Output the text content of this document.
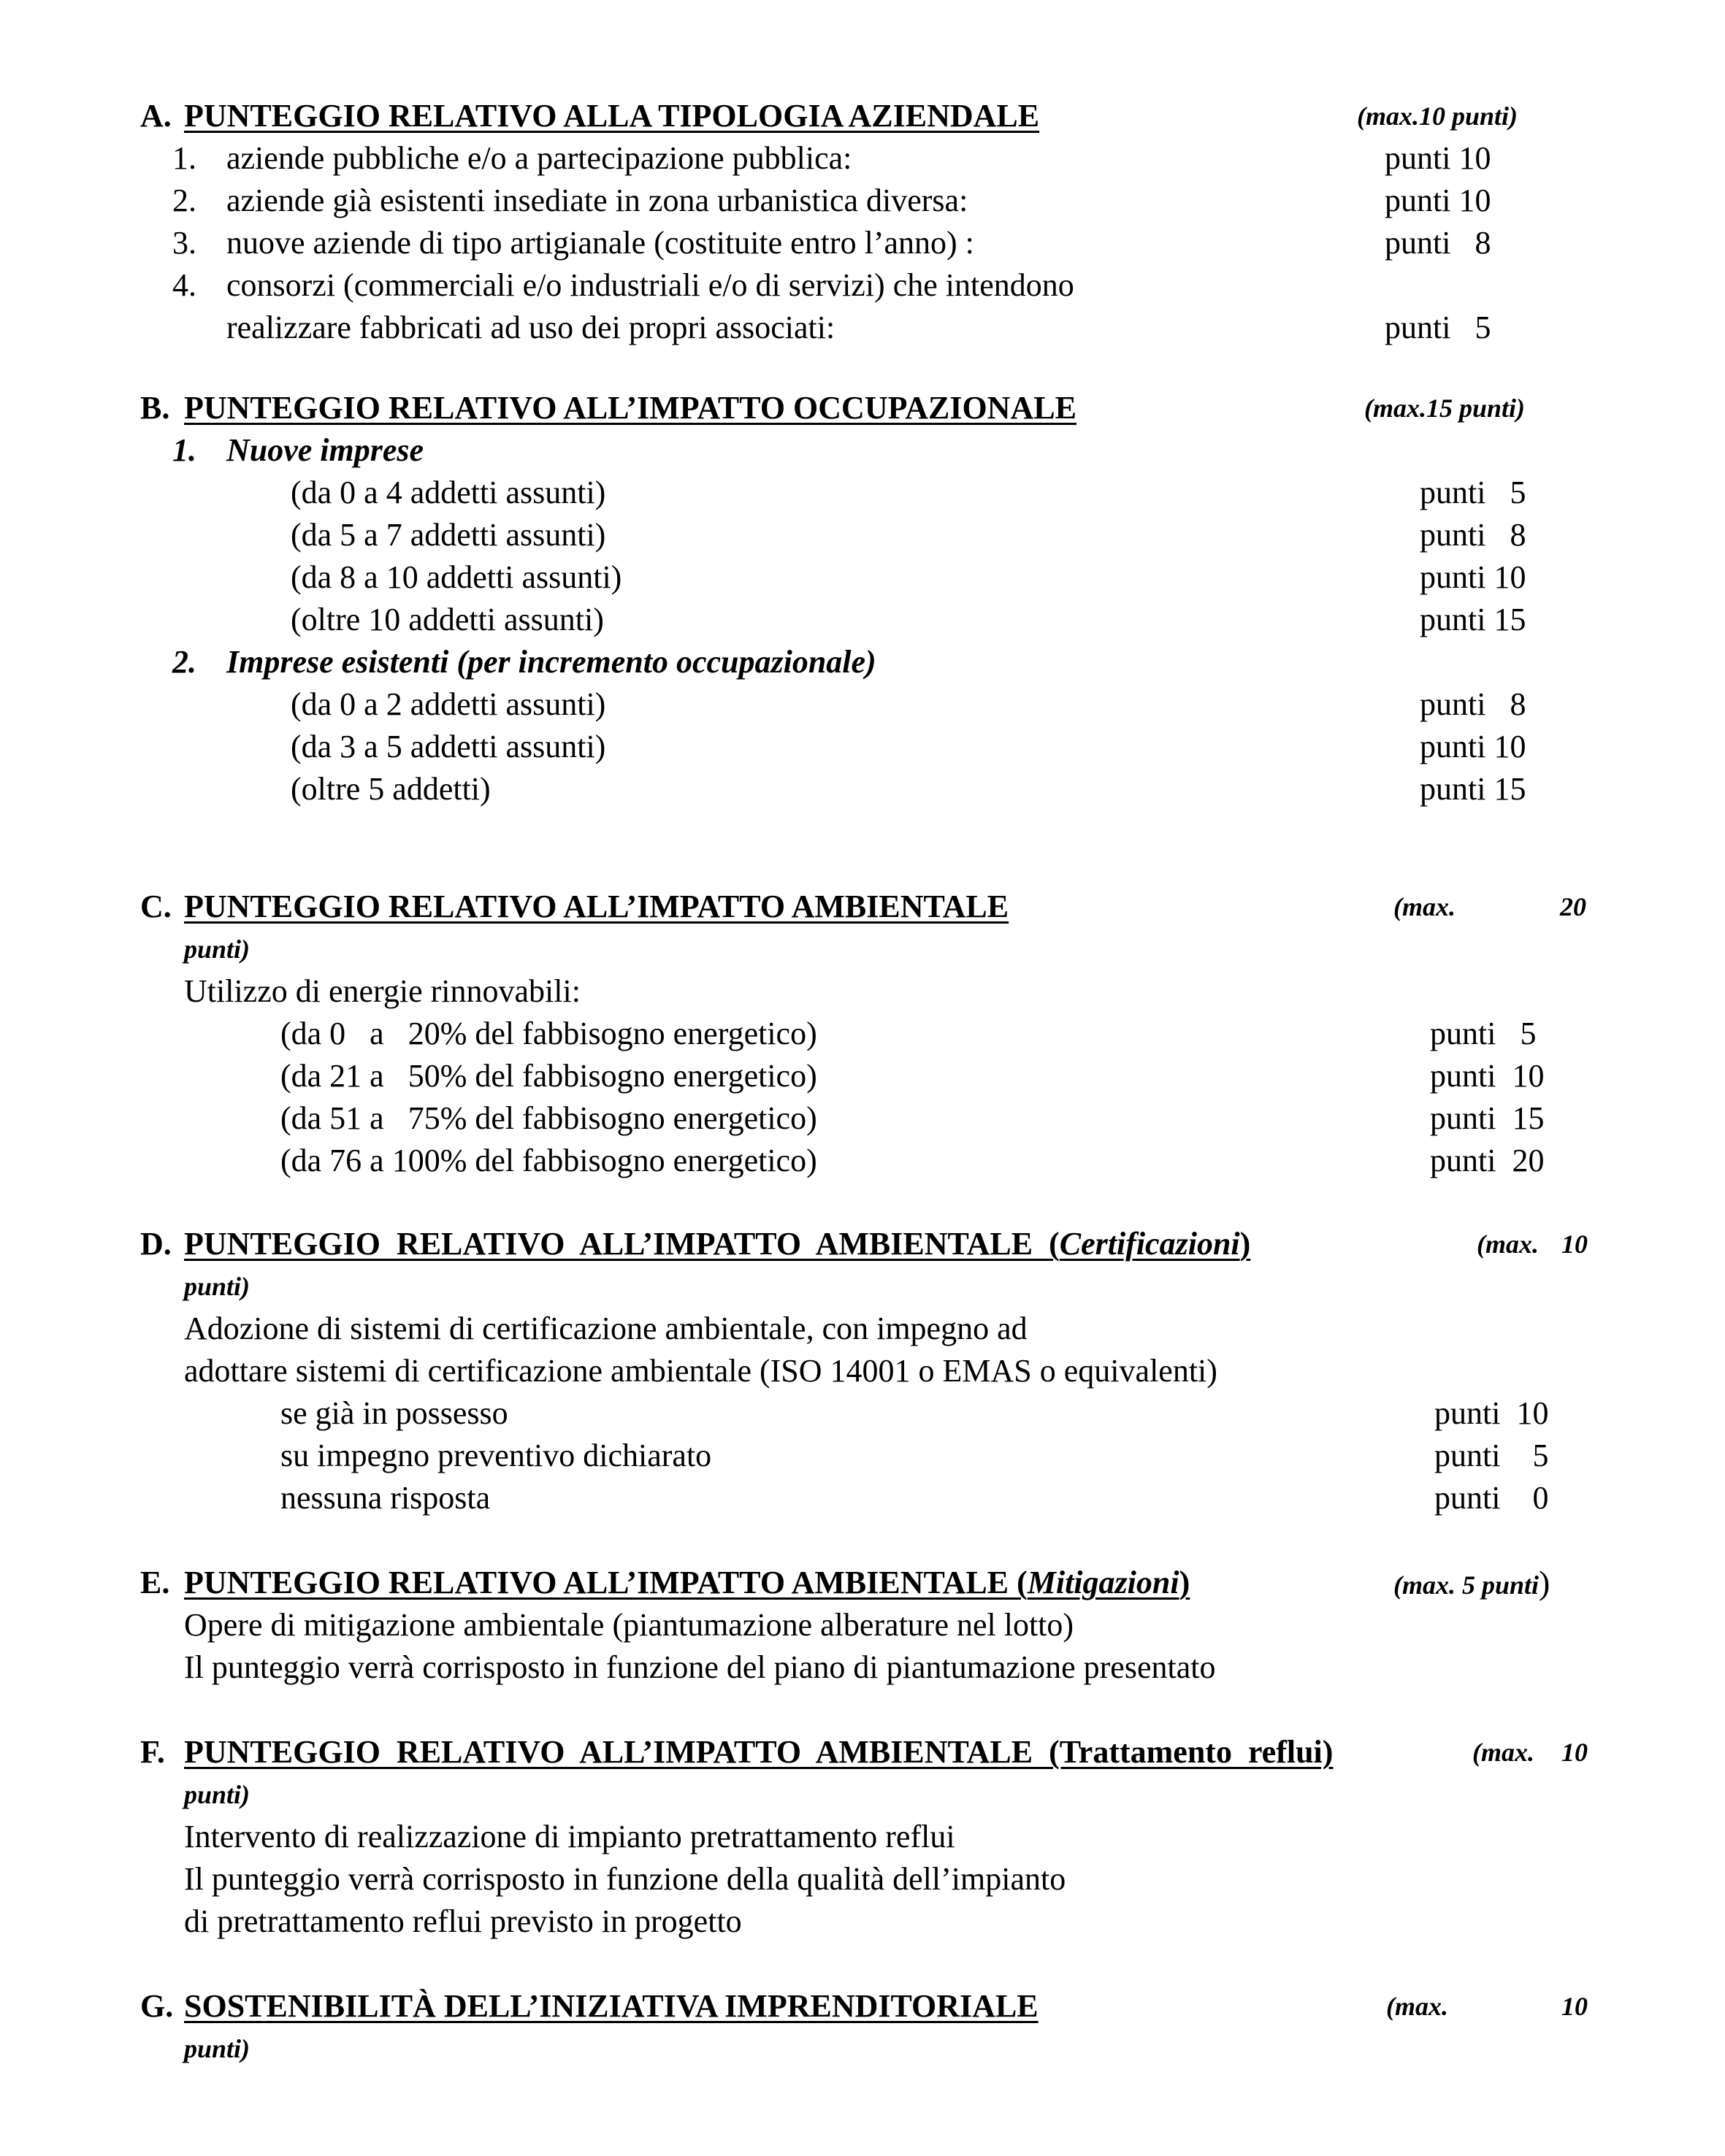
A. PUNTEGGIO RELATIVO ALLA TIPOLOGIA AZIENDALE	(max.10 punti)
1. aziende pubbliche e/o a partecipazione pubblica:	punti 10
2. aziende già esistenti insediate in zona urbanistica diversa:	punti 10
3. nuove aziende di tipo artigianale (costituite entro l’anno) :	punti   8
4. consorzi (commerciali e/o industriali e/o di servizi) che intendono
realizzare fabbricati ad uso dei propri associati:	punti   5
B. PUNTEGGIO RELATIVO ALL’IMPATTO OCCUPAZIONALE	(max.15 punti)
1. Nuove imprese
(da 0 a 4 addetti assunti)	punti   5
(da 5 a 7 addetti assunti)	punti   8
(da 8 a 10 addetti assunti)	punti 10
(oltre 10 addetti assunti)	punti 15
2. Imprese esistenti (per incremento occupazionale)
(da 0 a 2 addetti assunti)	punti   8
(da 3 a 5 addetti assunti)	punti 10
(oltre 5 addetti)	punti 15
C. PUNTEGGIO RELATIVO ALL’IMPATTO AMBIENTALE	(max.	20
punti)
Utilizzo di energie rinnovabili:
(da 0   a   20% del fabbisogno energetico)	punti   5
(da 21 a   50% del fabbisogno energetico)	punti  10
(da 51 a   75% del fabbisogno energetico)	punti  15
(da 76 a 100% del fabbisogno energetico)	punti  20
D. PUNTEGGIO  RELATIVO  ALL’IMPATTO  AMBIENTALE  (Certificazioni)	(max. 10
punti)
Adozione di sistemi di certificazione ambientale, con impegno ad
adottare sistemi di certificazione ambientale (ISO 14001 o EMAS o equivalenti)
se già in possesso	punti  10
su impegno preventivo dichiarato	punti    5
nessuna risposta	punti    0
E. PUNTEGGIO RELATIVO ALL’IMPATTO AMBIENTALE (Mitigazioni)	(max. 5 punti)
Opere di mitigazione ambientale (piantumazione alberature nel lotto)
Il punteggio verrà corrisposto in funzione del piano di piantumazione presentato
F. PUNTEGGIO  RELATIVO  ALL’IMPATTO  AMBIENTALE  (Trattamento  reflui)	(max. 10
punti)
Intervento di realizzazione di impianto pretrattamento reflui
Il punteggio verrà corrisposto in funzione della qualità dell’impianto
di pretrattamento reflui previsto in progetto
G. SOSTENIBILITÀ DELL’INIZIATIVA IMPRENDITORIALE	(max.	10
punti)
